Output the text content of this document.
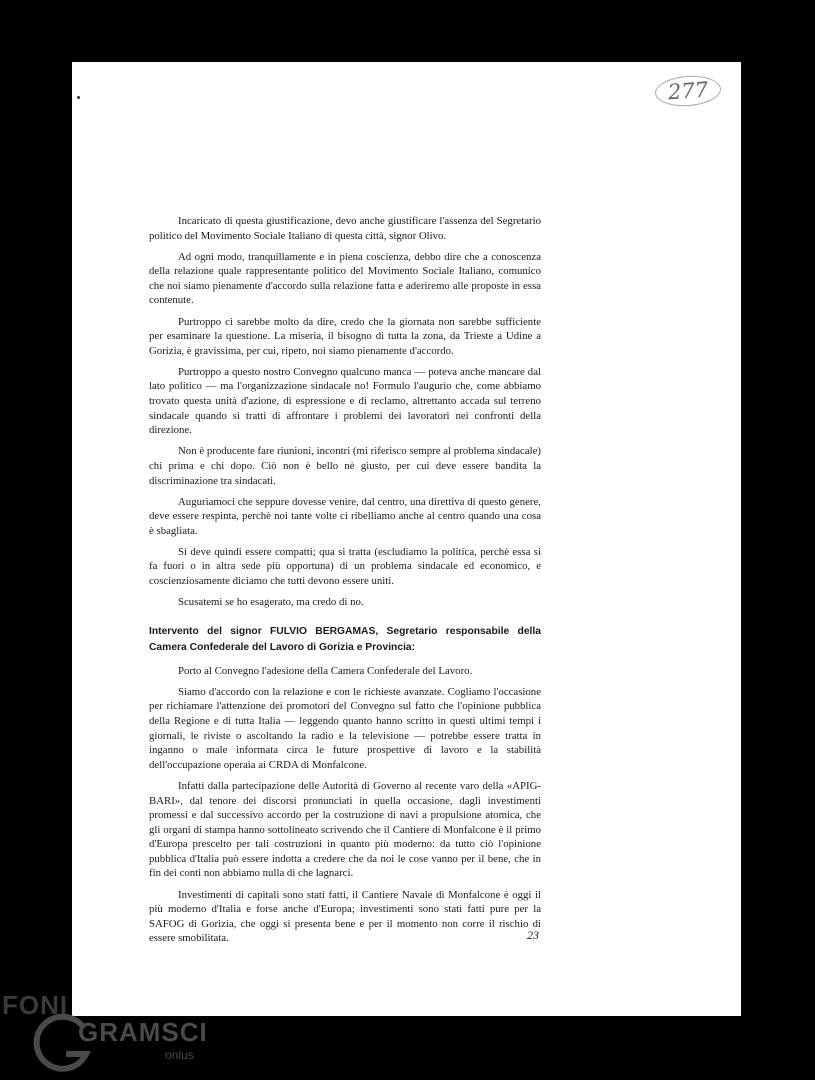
277

Incaricato di questa giustificazione, devo anche giustificare l'assenza del Segretario politico del Movimento Sociale Italiano di questa città, signor Olivo.

Ad ogni modo, tranquillamente e in piena coscienza, debbo dire che a conoscenza della relazione quale rappresentante politico del Movimento Sociale Italiano, comunico che noi siamo pienamente d'accordo sulla relazione fatta e aderiremo alle proposte in essa contenute.

Purtroppo ci sarebbe molto da dire, credo che la giornata non sarebbe sufficiente per esaminare la questione. La miseria, il bisogno di tutta la zona, da Trieste a Udine a Gorizia, è gravissima, per cui, ripeto, noi siamo pienamente d'accordo.

Purtroppo a questo nostro Convegno qualcuno manca — poteva anche mancare dal lato politico — ma l'organizzazione sindacale no! Formulo l'augurio che, come abbiamo trovato questa unità d'azione, di espressione e di reclamo, altrettanto accada sul terreno sindacale quando si tratti di affrontare i problemi dei lavoratori nei confronti della direzione.

Non è producente fare riunioni, incontri (mi riferisco sempre al problema sindacale) chi prima e chi dopo. Ciò non è bello nè giusto, per cui deve essere bandita la discriminazione tra sindacati.

Auguriamoci che seppure dovesse venire, dal centro, una direttiva di questo genere, deve essere respinta, perchè noi tante volte ci ribelliamo anche al centro quando una cosa è sbagliata.

Si deve quindi essere compatti; qua si tratta (escludiamo la politica, perchè essa si fa fuori o in altra sede più opportuna) di un problema sindacale ed economico, e coscienziosamente diciamo che tutti devono essere uniti.

Scusatemi se ho esagerato, ma credo di no.

Intervento del signor FULVIO BERGAMAS, Segretario responsabile della Camera Confederale del Lavoro di Gorizia e Provincia:

Porto al Convegno l'adesione della Camera Confederale del Lavoro.

Siamo d'accordo con la relazione e con le richieste avanzate. Cogliamo l'occasione per richiamare l'attenzione dei promotori del Convegno sul fatto che l'opinione pubblica della Regione e di tutta Italia — leggendo quanto hanno scritto in questi ultimi tempi i giornali, le riviste o ascoltando la radio e la televisione — potrebbe essere tratta in inganno o male informata circa le future prospettive di lavoro e la stabilità dell'occupazione operaia ai CRDA di Monfalcone.

Infatti dalla partecipazione delle Autorità di Governo al recente varo della «APIG-BARI», dal tenore dei discorsi pronunciati in quella occasione, dagli investimenti promessi e dal successivo accordo per la costruzione di navi a propulsione atomica, che gli organi di stampa hanno sottolineato scrivendo che il Cantiere di Monfalcone è il primo d'Europa prescelto per tali costruzioni in quanto più moderno: da tutto ciò l'opinione pubblica d'Italia può essere indotta a credere che da noi le cose vanno per il bene, che in fin dei conti non abbiamo nulla di che lagnarci.

Investimenti di capitali sono stati fatti, il Cantiere Navale di Monfalcone è oggi il più moderno d'Italia e forse anche d'Europa; investimenti sono stati fatti pure per la SAFOG di Gorizia, che oggi si presenta bene e per il momento non corre il rischio di essere smobilitata.	23
FONI
GRAMSCI
onlus
